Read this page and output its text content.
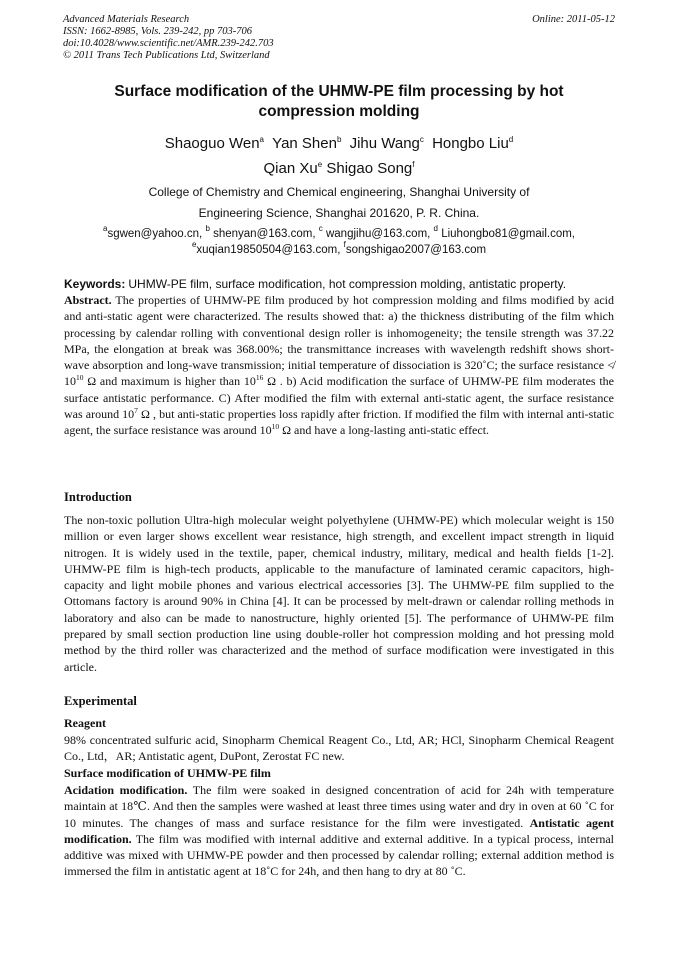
Advanced Materials Research
ISSN: 1662-8985, Vols. 239-242, pp 703-706
doi:10.4028/www.scientific.net/AMR.239-242.703
© 2011 Trans Tech Publications Ltd, Switzerland
Online: 2011-05-12
Surface modification of the UHMW-PE film processing by hot
compression molding
Shaoguo Wen$^a$ Yan Shen$^b$ Jihu Wang$^c$ Hongbo Liu$^d$
Qian Xu$^e$ Shigao Song$^f$
College of Chemistry and Chemical engineering, Shanghai University of
Engineering Science, Shanghai 201620, P. R. China.
$^a$sgwen@yahoo.cn, $^b$ shenyan@163.com, $^c$ wangjihu@163.com, $^d$ Liuhongbo81@gmail.com,
$^e$xuqian19850504@163.com, $^f$songshigao2007@163.com

Keywords: UHMW-PE film, surface modification, hot compression molding, antistatic property.

Abstract. The properties of UHMW-PE film produced by hot compression molding and films modified by acid and anti-static agent were characterized. The results showed that: a) the thickness distributing of the film which processing by calendar rolling with conventional design roller is inhomogeneity; the tensile strength was 37.22 MPa, the elongation at break was 368.00%; the transmittance increases with wavelength redshift shows short-wave absorption and long-wave transmission; initial temperature of dissociation is 320˚C; the surface resistance ≮ $10^{10}$ Ω and maximum is higher than $10^{16}$ Ω . b) Acid modification the surface of UHMW-PE film moderates the surface antistatic performance. C) After modified the film with external anti-static agent, the surface resistance was around $10^7$ Ω , but anti-static properties loss rapidly after friction. If modified the film with internal anti-static agent, the surface resistance was around $10^{10}$ Ω and have a long-lasting anti-static effect.

Introduction

The non-toxic pollution Ultra-high molecular weight polyethylene (UHMW-PE) which molecular weight is 150 million or even larger shows excellent wear resistance, high strength, and excellent impact strength in liquid nitrogen. It is widely used in the textile, paper, chemical industry, military, medical and health fields [1-2]. UHMW-PE film is high-tech products, applicable to the manufacture of laminated ceramic capacitors, high-capacity and light mobile phones and various electrical accessories [3]. The UHMW-PE film supplied to the Ottomans factory is around 90% in China [4]. It can be processed by melt-drawn or calendar rolling methods in laboratory and also can be made to nanostructure, highly oriented [5]. The performance of UHMW-PE film prepared by small section production line using double-roller hot compression molding and hot pressing mold method by the third roller was characterized and the method of surface modification were investigated in this article.

Experimental
Reagent

98% concentrated sulfuric acid, Sinopharm Chemical Reagent Co., Ltd, AR; HCl, Sinopharm Chemical Reagent Co., Ltd，AR; Antistatic agent, DuPont, Zerostat FC new.

Surface modification of UHMW-PE film

Acidation modification. The film were soaked in designed concentration of acid for 24h with temperature maintain at 18℃. And then the samples were washed at least three times using water and dry in oven at 60 ˚C for 10 minutes. The changes of mass and surface resistance for the film were investigated. Antistatic agent modification. The film was modified with internal additive and external additive. In a typical process, internal additive was mixed with UHMW-PE powder and then processed by calendar rolling; external addition method is immersed the film in antistatic agent at 18˚C for 24h, and then hang to dry at 80 ˚C.
